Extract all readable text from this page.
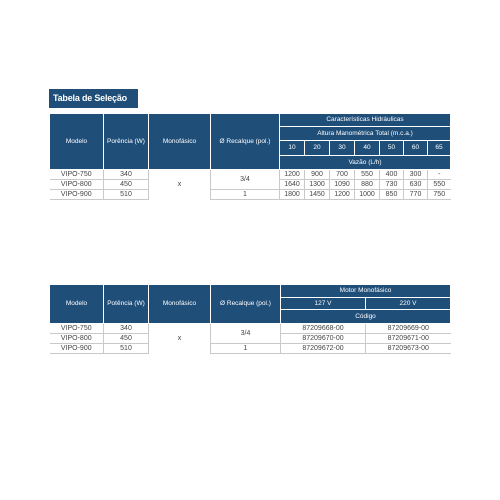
Tabela de Seleção
Modelo	Porência (W)	Monofásico	Ø Recalque (pol.)	Características Hidráulicas						
				Altura Manométrica Total (m.c.a.)						
				10	20	30	40	50	60	65
				Vazão (L/h)						
VIPO-750	340	x	3/4	1200	900	700	550	400	300	-
VIPO-800	450			1640	1300	1090	880	730	630	550
VIPO-900	510		1	1800	1450	1200	1000	850	770	750
Modelo	Potência (W)	Monofásico	Ø Recalque (pol.)	Motor Monofásico	
				127 V	220 V
				Código	
VIPO-750	340	x	3/4	87209668-00	87209669-00
VIPO-800	450			87209670-00	87209671-00
VIPO-900	510		1	87209672-00	87209673-00
